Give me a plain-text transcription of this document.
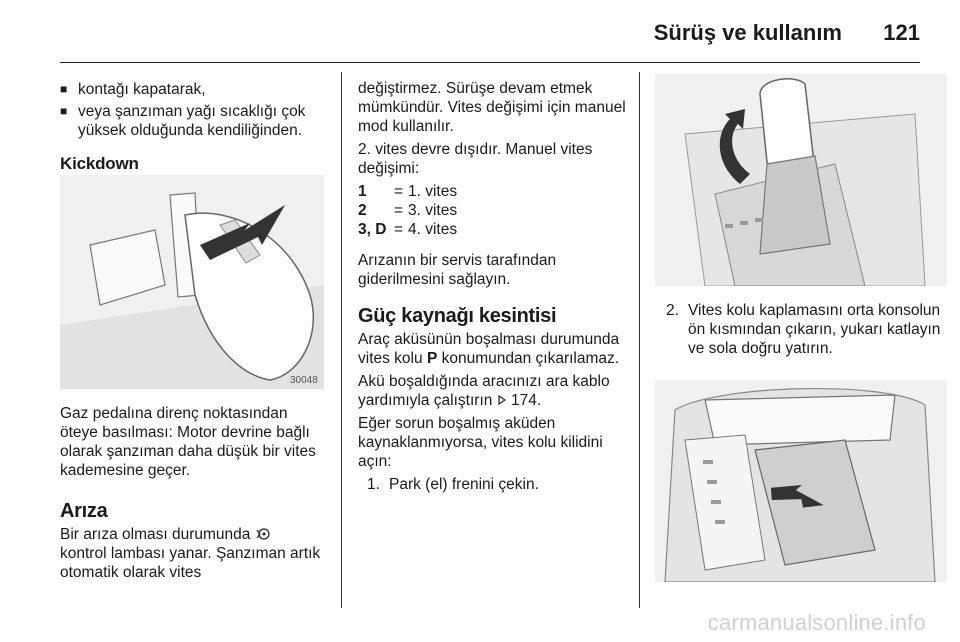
Sürüş ve kullanım 121
■ kontağı kapatarak,
■ veya şanzıman yağı sıcaklığı çok yüksek olduğunda kendiliğinden.
Kickdown
30048

Gaz pedalına direnç noktasından öteye basılması: Motor devrine bağlı olarak şanzıman daha düşük bir vites kademesine geçer.

Arıza

Bir arıza olması durumunda
kontrol lambası yanar. Şanzıman artık otomatik olarak vites

değiştirmez. Sürüşe devam etmek mümkündür. Vites değişimi için manuel mod kullanılır.

2. vites devre dışıdır. Manuel vites değişimi:

1	= 1. vites
2	= 3. vites
3, D = 4. vites

Arızanın bir servis tarafından giderilmesini sağlayın.

Güç kaynağı kesintisi

Araç aküsünün boşalması durumunda vites kolu P konumundan çıkarılamaz.

Akü boşaldığında aracınızı ara kablo yardımıyla çalıştırın 174.

Eğer sorun boşalmış aküden kaynaklanmıyorsa, vites kolu kilidini açın:

1. Park (el) frenini çekin.
2. Vites kolu kaplamasını orta konsolun ön kısmından çıkarın, yukarı katlayın ve sola doğru yatırın.
carmanualsonline.info
